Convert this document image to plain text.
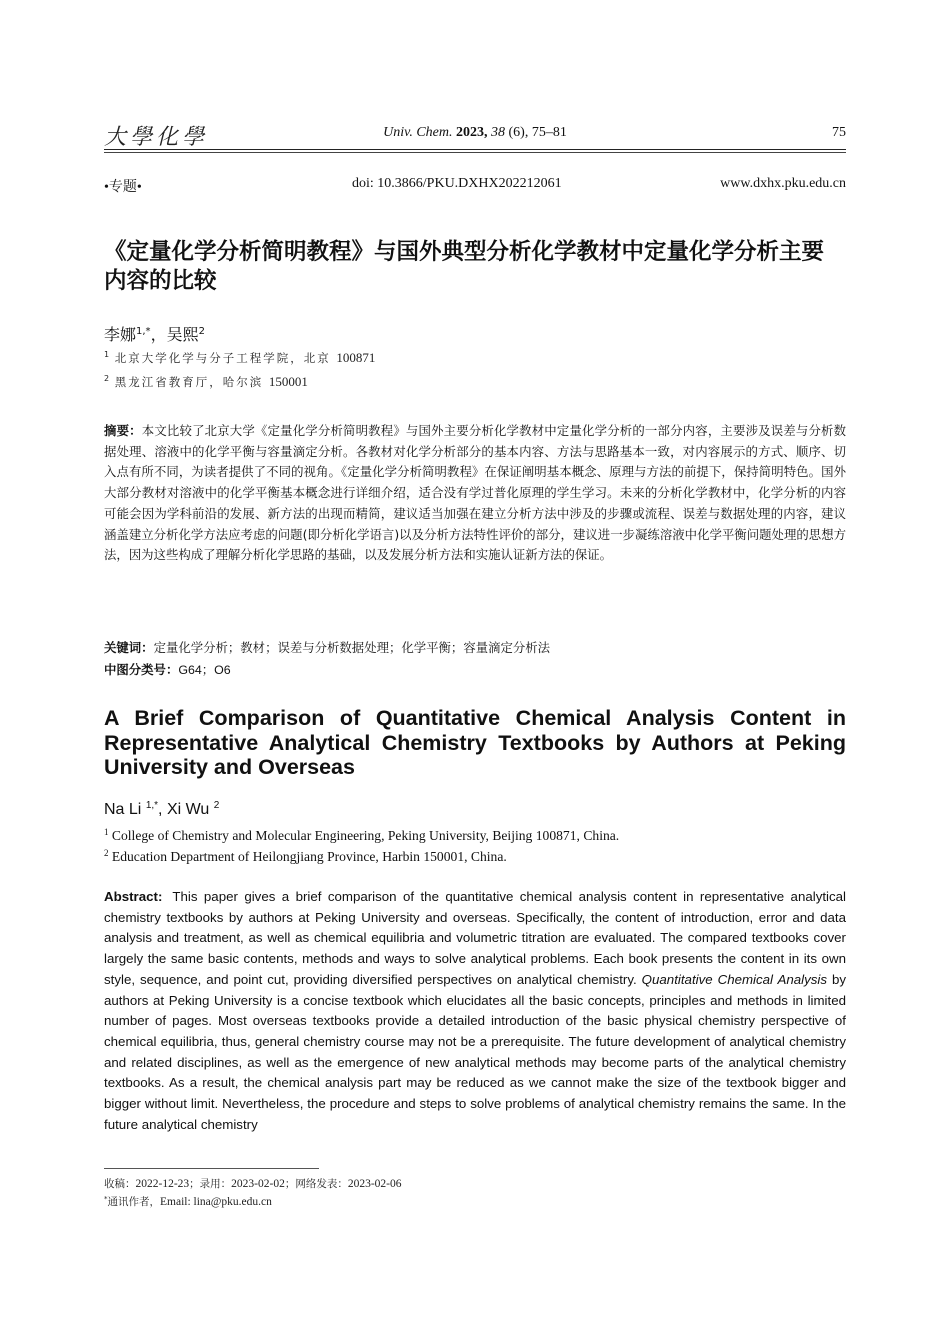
大學化學	Univ. Chem. 2023, 38 (6), 75–81	75
•专题•	doi: 10.3866/PKU.DXHX202212061	www.dxhx.pku.edu.cn
《定量化学分析简明教程》与国外典型分析化学教材中定量化学分析主要内容的比较
李娜$^{1,*}$，吴熙$^2$
$^1$ 北京大学化学与分子工程学院，北京 100871
$^2$ 黑龙江省教育厅，哈尔滨 150001
摘要：本文比较了北京大学《定量化学分析简明教程》与国外主要分析化学教材中定量化学分析的一部分内容，主要涉及误差与分析数据处理、溶液中的化学平衡与容量滴定分析。各教材对化学分析部分的基本内容、方法与思路基本一致，对内容展示的方式、顺序、切入点有所不同，为读者提供了不同的视角。《定量化学分析简明教程》在保证阐明基本概念、原理与方法的前提下，保持简明特色。国外大部分教材对溶液中的化学平衡基本概念进行详细介绍，适合没有学过普化原理的学生学习。未来的分析化学教材中，化学分析的内容可能会因为学科前沿的发展、新方法的出现而精简，建议适当加强在建立分析方法中涉及的步骤或流程、误差与数据处理的内容，建议涵盖建立分析化学方法应考虑的问题(即分析化学语言)以及分析方法特性评价的部分，建议进一步凝练溶液中化学平衡问题处理的思想方法，因为这些构成了理解分析化学思路的基础，以及发展分析方法和实施认证新方法的保证。
关键词：定量化学分析；教材；误差与分析数据处理；化学平衡；容量滴定分析法
中图分类号：G64；O6
A Brief Comparison of Quantitative Chemical Analysis Content in Representative Analytical Chemistry Textbooks by Authors at Peking University and Overseas
Na Li $^{1,*}$, Xi Wu $^2$
$^1$ College of Chemistry and Molecular Engineering, Peking University, Beijing 100871, China.
$^2$ Education Department of Heilongjiang Province, Harbin 150001, China.
Abstract: This paper gives a brief comparison of the quantitative chemical analysis content in representative analytical chemistry textbooks by authors at Peking University and overseas. Specifically, the content of introduction, error and data analysis and treatment, as well as chemical equilibria and volumetric titration are evaluated. The compared textbooks cover largely the same basic contents, methods and ways to solve analytical problems. Each book presents the content in its own style, sequence, and point cut, providing diversified perspectives on analytical chemistry. Quantitative Chemical Analysis by authors at Peking University is a concise textbook which elucidates all the basic concepts, principles and methods in limited number of pages. Most overseas textbooks provide a detailed introduction of the basic physical chemistry perspective of chemical equilibria, thus, general chemistry course may not be a prerequisite. The future development of analytical chemistry and related disciplines, as well as the emergence of new analytical methods may become parts of the analytical chemistry textbooks. As a result, the chemical analysis part may be reduced as we cannot make the size of the textbook bigger and bigger without limit. Nevertheless, the procedure and steps to solve problems of analytical chemistry remains the same. In the future analytical chemistry
收稿：2022-12-23；录用：2023-02-02；网络发表：2023-02-06
*通讯作者，Email: lina@pku.edu.cn
